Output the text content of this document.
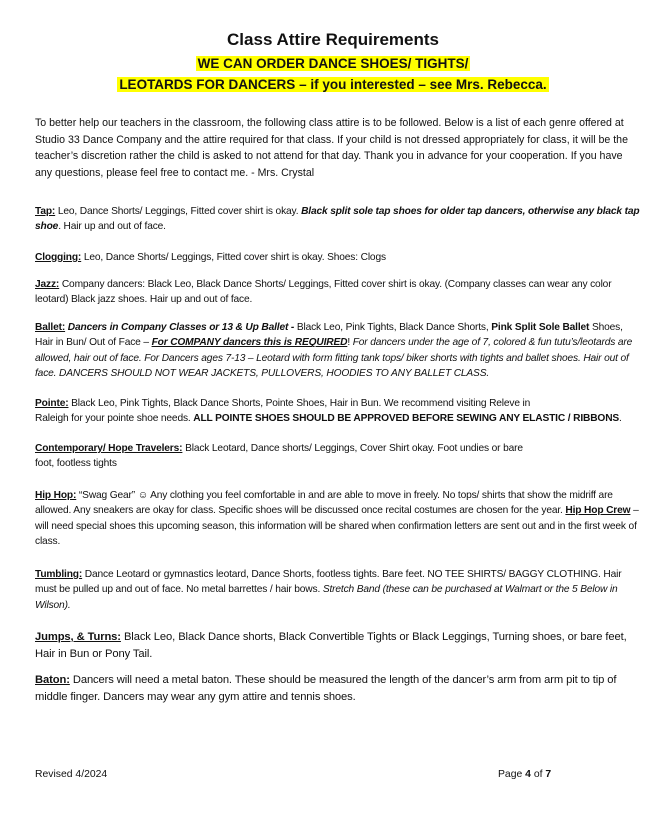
Class Attire Requirements
WE CAN ORDER DANCE SHOES/ TIGHTS/
LEOTARDS FOR DANCERS – if you interested – see Mrs. Rebecca.
To better help our teachers in the classroom, the following class attire is to be followed. Below is a list of each genre offered at Studio 33 Dance Company and the attire required for that class. If your child is not dressed appropriately for class, it will be the teacher’s discretion rather the child is asked to not attend for that day. Thank you in advance for your cooperation. If you have any questions, please feel free to contact me. - Mrs. Crystal
Tap: Leo, Dance Shorts/ Leggings, Fitted cover shirt is okay. Black split sole tap shoes for older tap dancers, otherwise any black tap shoe. Hair up and out of face.
Clogging: Leo, Dance Shorts/ Leggings, Fitted cover shirt is okay. Shoes: Clogs
Jazz: Company dancers: Black Leo, Black Dance Shorts/ Leggings, Fitted cover shirt is okay. (Company classes can wear any color leotard) Black jazz shoes. Hair up and out of face.
Ballet: Dancers in Company Classes or 13 & Up Ballet - Black Leo, Pink Tights, Black Dance Shorts, Pink Split Sole Ballet Shoes, Hair in Bun/ Out of Face – For COMPANY dancers this is REQUIRED! For dancers under the age of 7, colored & fun tutu’s/leotards are allowed, hair out of face. For Dancers ages 7-13 – Leotard with form fitting tank tops/ biker shorts with tights and ballet shoes. Hair out of face. DANCERS SHOULD NOT WEAR JACKETS, PULLOVERS, HOODIES TO ANY BALLET CLASS.
Pointe: Black Leo, Pink Tights, Black Dance Shorts, Pointe Shoes, Hair in Bun. We recommend visiting Releve in
Raleigh for your pointe shoe needs. ALL POINTE SHOES SHOULD BE APPROVED BEFORE SEWING ANY ELASTIC / RIBBONS.
Contemporary/ Hope Travelers: Black Leotard, Dance shorts/ Leggings, Cover Shirt okay. Foot undies or bare
foot, footless tights
Hip Hop: “Swag Gear” ☺ Any clothing you feel comfortable in and are able to move in freely. No tops/ shirts that show the midriff are allowed. Any sneakers are okay for class. Specific shoes will be discussed once recital costumes are chosen for the year. Hip Hop Crew – will need special shoes this upcoming season, this information will be shared when confirmation letters are sent out and in the first week of class.
Tumbling: Dance Leotard or gymnastics leotard, Dance Shorts, footless tights. Bare feet. NO TEE SHIRTS/ BAGGY CLOTHING. Hair must be pulled up and out of face. No metal barrettes / hair bows. Stretch Band (these can be purchased at Walmart or the 5 Below in Wilson).
Jumps, & Turns: Black Leo, Black Dance shorts, Black Convertible Tights or Black Leggings, Turning shoes, or bare feet, Hair in Bun or Pony Tail.
Baton: Dancers will need a metal baton. These should be measured the length of the dancer’s arm from arm pit to tip of middle finger. Dancers may wear any gym attire and tennis shoes.
Revised 4/2024	Page 4 of 7
